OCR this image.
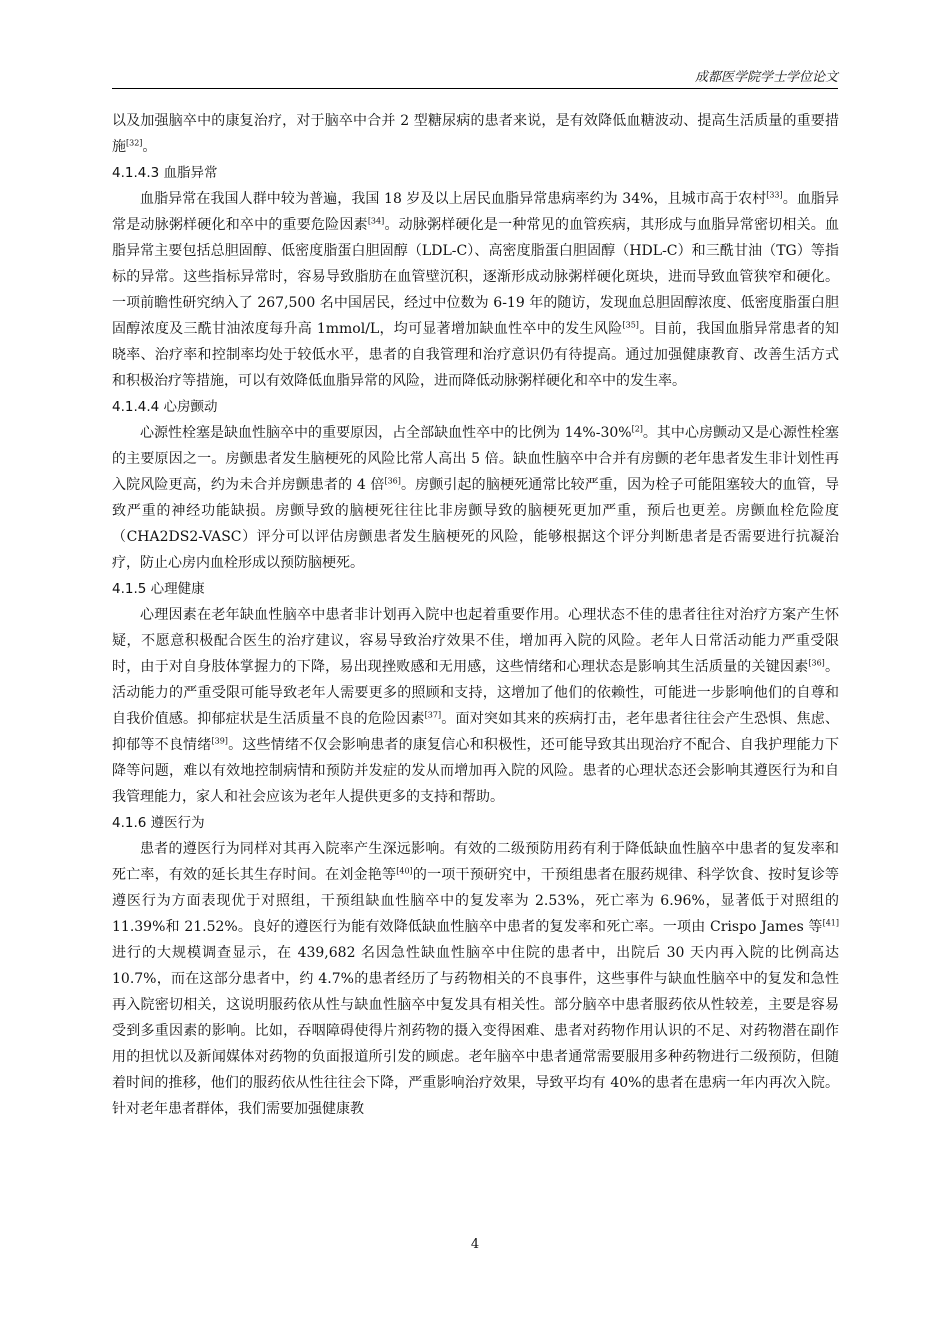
成都医学院学士学位论文

以及加强脑卒中的康复治疗，对于脑卒中合并 2 型糖尿病的患者来说，是有效降低血糖波动、提高生活质量的重要措施[32]。

4.1.4.3 血脂异常

血脂异常在我国人群中较为普遍，我国 18 岁及以上居民血脂异常患病率约为 34%，且城市高于农村[33]。血脂异常是动脉粥样硬化和卒中的重要危险因素[34]。动脉粥样硬化是一种常见的血管疾病，其形成与血脂异常密切相关。血脂异常主要包括总胆固醇、低密度脂蛋白胆固醇（LDL-C）、高密度脂蛋白胆固醇（HDL-C）和三酰甘油（TG）等指标的异常。这些指标异常时，容易导致脂肪在血管壁沉积，逐渐形成动脉粥样硬化斑块，进而导致血管狭窄和硬化。一项前瞻性研究纳入了 267,500 名中国居民，经过中位数为 6-19 年的随访，发现血总胆固醇浓度、低密度脂蛋白胆固醇浓度及三酰甘油浓度每升高 1mmol/L，均可显著增加缺血性卒中的发生风险[35]。目前，我国血脂异常患者的知晓率、治疗率和控制率均处于较低水平，患者的自我管理和治疗意识仍有待提高。通过加强健康教育、改善生活方式和积极治疗等措施，可以有效降低血脂异常的风险，进而降低动脉粥样硬化和卒中的发生率。

4.1.4.4 心房颤动

心源性栓塞是缺血性脑卒中的重要原因，占全部缺血性卒中的比例为 14%-30%[2]。其中心房颤动又是心源性栓塞的主要原因之一。房颤患者发生脑梗死的风险比常人高出 5 倍。缺血性脑卒中合并有房颤的老年患者发生非计划性再入院风险更高，约为未合并房颤患者的 4 倍[36]。房颤引起的脑梗死通常比较严重，因为栓子可能阻塞较大的血管，导致严重的神经功能缺损。房颤导致的脑梗死往往比非房颤导致的脑梗死更加严重，预后也更差。房颤血栓危险度（CHA2DS2-VASC）评分可以评估房颤患者发生脑梗死的风险，能够根据这个评分判断患者是否需要进行抗凝治疗，防止心房内血栓形成以预防脑梗死。

4.1.5 心理健康

心理因素在老年缺血性脑卒中患者非计划再入院中也起着重要作用。心理状态不佳的患者往往对治疗方案产生怀疑，不愿意积极配合医生的治疗建议，容易导致治疗效果不佳，增加再入院的风险。老年人日常活动能力严重受限时，由于对自身肢体掌握力的下降，易出现挫败感和无用感，这些情绪和心理状态是影响其生活质量的关键因素[36]。活动能力的严重受限可能导致老年人需要更多的照顾和支持，这增加了他们的依赖性，可能进一步影响他们的自尊和自我价值感。抑郁症状是生活质量不良的危险因素[37]。面对突如其来的疾病打击，老年患者往往会产生恐惧、焦虑、抑郁等不良情绪[39]。这些情绪不仅会影响患者的康复信心和积极性，还可能导致其出现治疗不配合、自我护理能力下降等问题，难以有效地控制病情和预防并发症的发从而增加再入院的风险。患者的心理状态还会影响其遵医行为和自我管理能力，家人和社会应该为老年人提供更多的支持和帮助。

4.1.6 遵医行为

患者的遵医行为同样对其再入院率产生深远影响。有效的二级预防用药有利于降低缺血性脑卒中患者的复发率和死亡率，有效的延长其生存时间。在刘金艳等[40]的一项干预研究中，干预组患者在服药规律、科学饮食、按时复诊等遵医行为方面表现优于对照组，干预组缺血性脑卒中的复发率为 2.53%，死亡率为 6.96%，显著低于对照组的 11.39%和 21.52%。良好的遵医行为能有效降低缺血性脑卒中患者的复发率和死亡率。一项由 Crispo James 等[41]进行的大规模调查显示，在 439,682 名因急性缺血性脑卒中住院的患者中，出院后 30 天内再入院的比例高达 10.7%，而在这部分患者中，约 4.7%的患者经历了与药物相关的不良事件，这些事件与缺血性脑卒中的复发和急性再入院密切相关，这说明服药依从性与缺血性脑卒中复发具有相关性。部分脑卒中患者服药依从性较差，主要是容易受到多重因素的影响。比如，吞咽障碍使得片剂药物的摄入变得困难、患者对药物作用认识的不足、对药物潜在副作用的担忧以及新闻媒体对药物的负面报道所引发的顾虑。老年脑卒中患者通常需要服用多种药物进行二级预防，但随着时间的推移，他们的服药依从性往往会下降，严重影响治疗效果，导致平均有 40%的患者在患病一年内再次入院。针对老年患者群体，我们需要加强健康教

4
